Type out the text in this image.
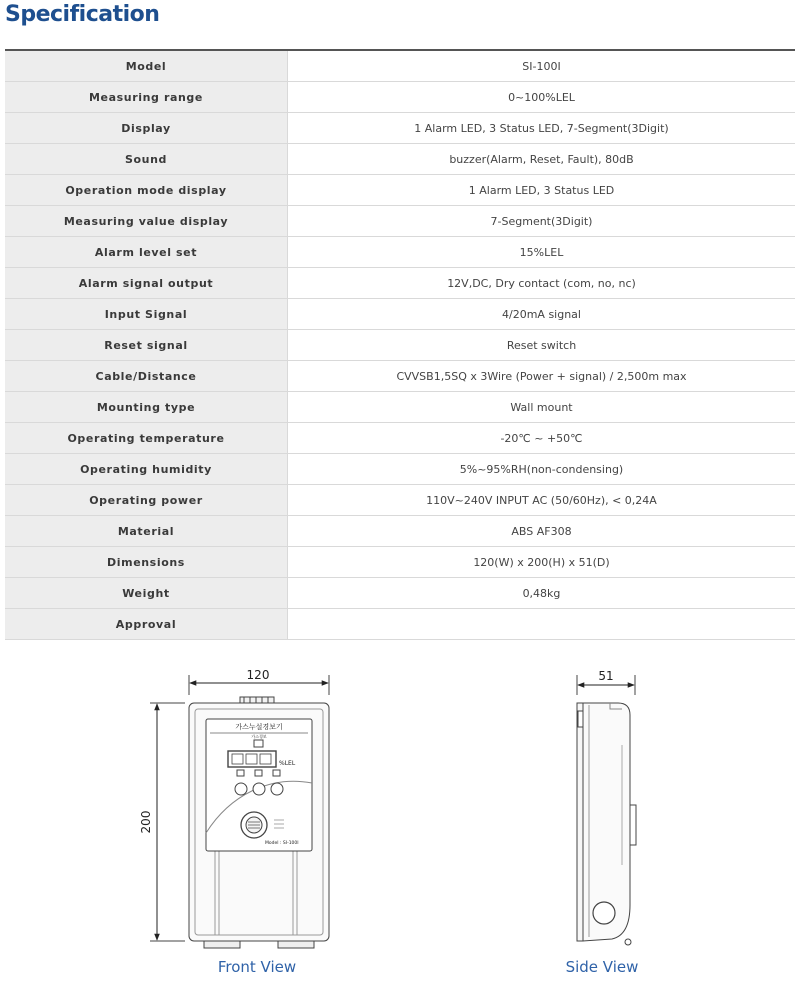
Specification
Model	SI-100I
Measuring range	0~100%LEL
Display	1 Alarm LED, 3 Status LED, 7-Segment(3Digit)
Sound	buzzer(Alarm, Reset, Fault), 80dB
Operation mode display	1 Alarm LED, 3 Status LED
Measuring value display	7-Segment(3Digit)
Alarm level set	15%LEL
Alarm signal output	12V,DC, Dry contact (com, no, nc)
Input Signal	4/20mA signal
Reset signal	Reset switch
Cable/Distance	CVVSB1,5SQ x 3Wire (Power + signal) / 2,500m max
Mounting type	Wall mount
Operating temperature	-20℃ ~ +50℃
Operating humidity	5%~95%RH(non-condensing)
Operating power	110V~240V INPUT AC (50/60Hz), < 0,24A
Material	ABS AF308
Dimensions	120(W) x 200(H) x 51(D)
Weight	0,48kg
Approval	
120
200
가스누설경보기
가스경보
%LEL
Model : SI-100I
Front View
51
Side View
